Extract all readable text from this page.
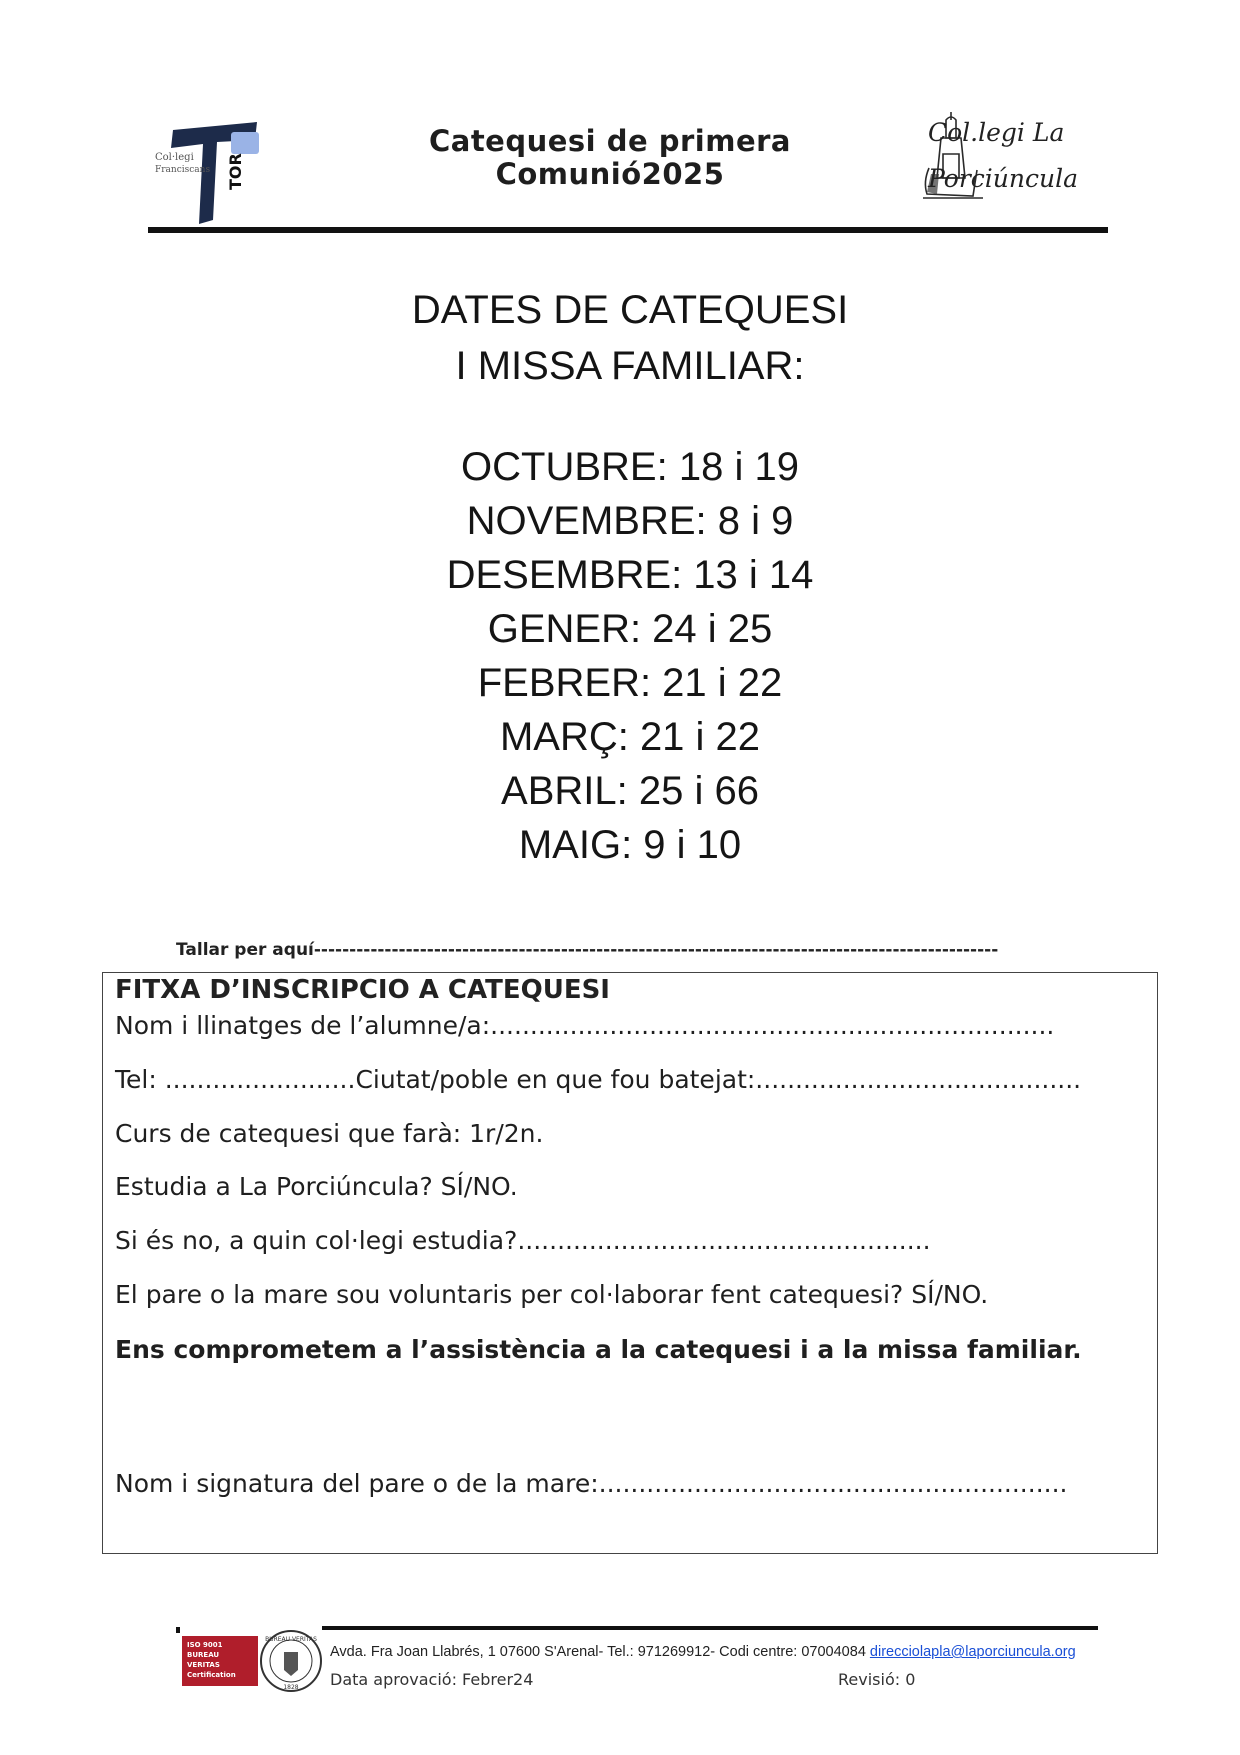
Col·legi
Franciscans TOR
Catequesi de primera
Comunió2025
Col.legi La
Porciúncula
DATES DE CATEQUESI
I MISSA FAMILIAR:
OCTUBRE: 18 i 19
NOVEMBRE: 8 i 9
DESEMBRE: 13 i 14
GENER: 24 i 25
FEBRER: 21 i 22
MARÇ: 21 i 22
ABRIL: 25 i 66
MAIG: 9 i 10
Tallar per aquí-------------------------------------------------------------------------------------------------
FITXA D’INSCRIPCIO A CATEQUESI
Nom i llinatges de l’alumne/a:.......................................................................
Tel: ........................Ciutat/poble en que fou batejat:.........................................
Curs de catequesi que farà: 1r/2n.
Estudia a La Porciúncula? SÍ/NO.
Si és no, a quin col·legi estudia?....................................................
El pare o la mare sou voluntaris per col·laborar fent catequesi? SÍ/NO.
Ens comprometem a l’assistència a la catequesi i a la missa familiar.
Nom i signatura del pare o de la mare:...........................................................
ISO 9001
BUREAU VERITAS
Certification
BUREAU VERITAS
1828
Avda. Fra Joan Llabrés, 1 07600 S'Arenal- Tel.: 971269912- Codi centre: 07004084 direcciolapla@laporciuncula.org
Data aprovació: Febrer24	Revisió: 0
